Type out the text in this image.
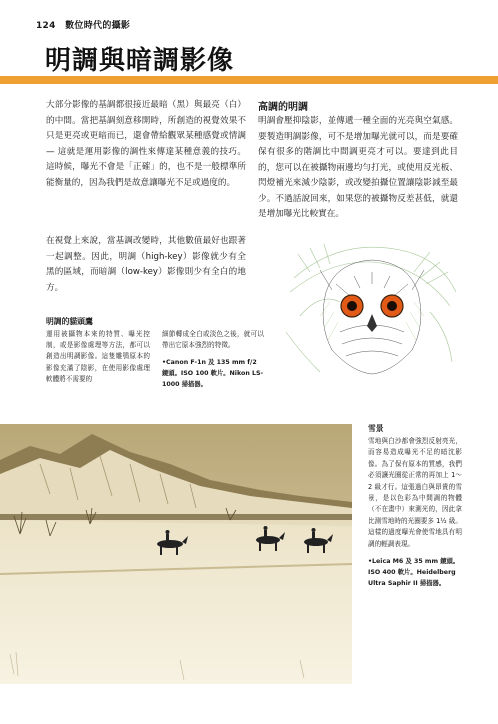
124 數位時代的攝影
明調與暗調影像

大部分影像的基調都很接近最暗（黑）與最亮（白）的中間。當把基調刻意移開時，所創造的視覺效果不只是更亮或更暗而已，還會帶給觀眾某種感覺或情調 — 這就是運用影像的調性來傳達某種意義的技巧。這時候，曝光不會是「正確」的，也不是一般標準所能衡量的，因為我們是故意讓曝光不足或過度的。

在視覺上來說，當基調改變時，其他數值最好也跟著一起調整。因此，明調（high-key）影像就少有全黑的區域，而暗調（low-key）影像則少有全白的地方。

高調的明調

明調會壓抑陰影，並傳遞一種全面的光亮與空氣感。要製造明調影像，可不是增加曝光就可以，而是要確保有很多的階調比中間調更亮才可以。要達到此目的，您可以在被攝物兩邊均勻打光，或使用反光板、閃燈補光來減少陰影，或改變拍攝位置讓陰影減至最少。不過話說回來，如果您的被攝物反差甚低，就還是增加曝光比較實在。

明調的貓頭鷹

運用被攝物本來的特質、曝光控制，或是影像處理等方法，都可以創造出明調影像。這隻雕鴞原本的影像充滿了陰影，在使用影像處理軟體將不需要的

細節轉成全白或淡色之後，就可以帶出它原本強烈的特徵。

•Canon F-1n 及 135 mm f/2 鏡頭。ISO 100 軟片。Nikon LS-1000 掃描器。

雪景

雪地與白沙都會強烈反射亮光，而容易造成曝光不足的暗沈影像。為了保有原本的質感，我們必須讓光圈從正常的再加上 1～2 級才行。這張過白與昂貴的雪景，是以色彩為中間調的物體（不在畫中）來測光的，因此拿比測雪地時的光圈要多 1½ 級。這樣的過度曝光會使雪地具有明調的輕調表現。

•Leica M6 及 35 mm 鏡頭。ISO 400 軟片。Heidelberg Ultra Saphir II 掃描器。
